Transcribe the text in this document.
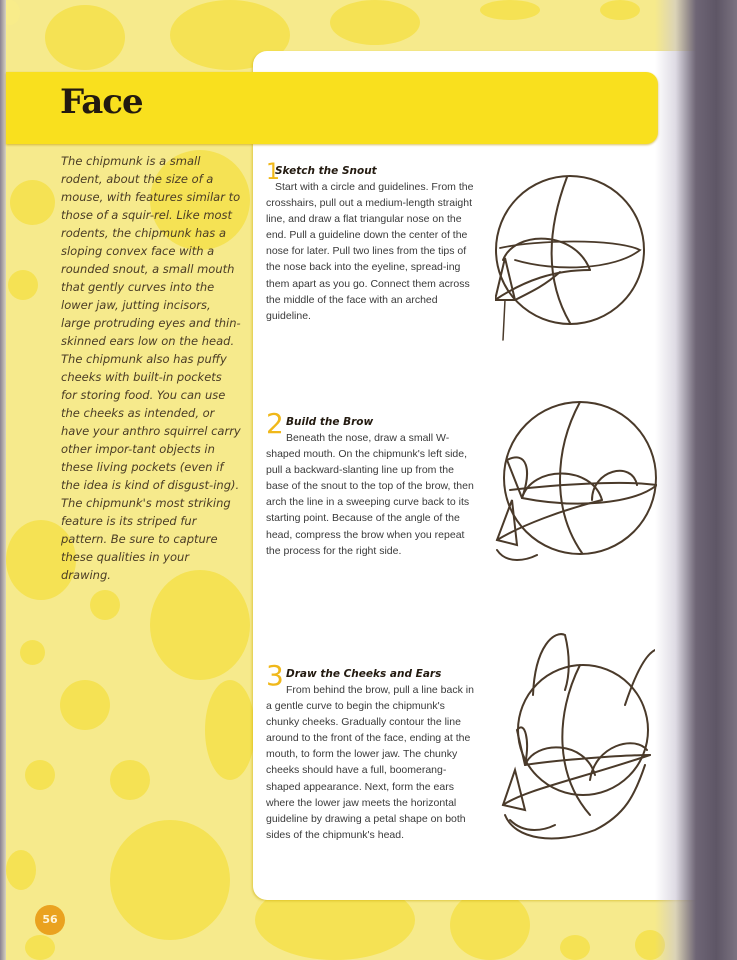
Face

The chipmunk is a small rodent, about the size of a mouse, with features similar to those of a squir-rel. Like most rodents, the chipmunk has a sloping convex face with a rounded snout, a small mouth that gently curves into the lower jaw, jutting incisors, large protruding eyes and thin-skinned ears low on the head. The chipmunk also has puffy cheeks with built-in pockets for storing food. You can use the cheeks as intended, or have your anthro squirrel carry other impor-tant objects in these living pockets (even if the idea is kind of disgust-ing). The chipmunk's most striking feature is its striped fur pattern. Be sure to capture these qualities in your drawing.

1
Sketch the Snout

Start with a circle and guidelines. From the crosshairs, pull out a medium-length straight line, and draw a flat triangular nose on the end. Pull a guideline down the center of the nose for later. Pull two lines from the tips of the nose back into the eyeline, spread-ing them apart as you go. Connect them across the middle of the face with an arched guideline.

2 Build the Brow

Beneath the nose, draw a small W-shaped mouth. On the chipmunk's left side, pull a backward-slanting line up from the base of the snout to the top of the brow, then arch the line in a sweeping curve back to its starting point. Because of the angle of the head, compress the brow when you repeat the process for the right side.

3 Draw the Cheeks and Ears

From behind the brow, pull a line back in a gentle curve to begin the chipmunk's chunky cheeks. Gradually contour the line around to the front of the face, ending at the mouth, to form the lower jaw. The chunky cheeks should have a full, boomerang-shaped appearance. Next, form the ears where the lower jaw meets the horizontal guideline by drawing a petal shape on both sides of the chipmunk's head.

56
